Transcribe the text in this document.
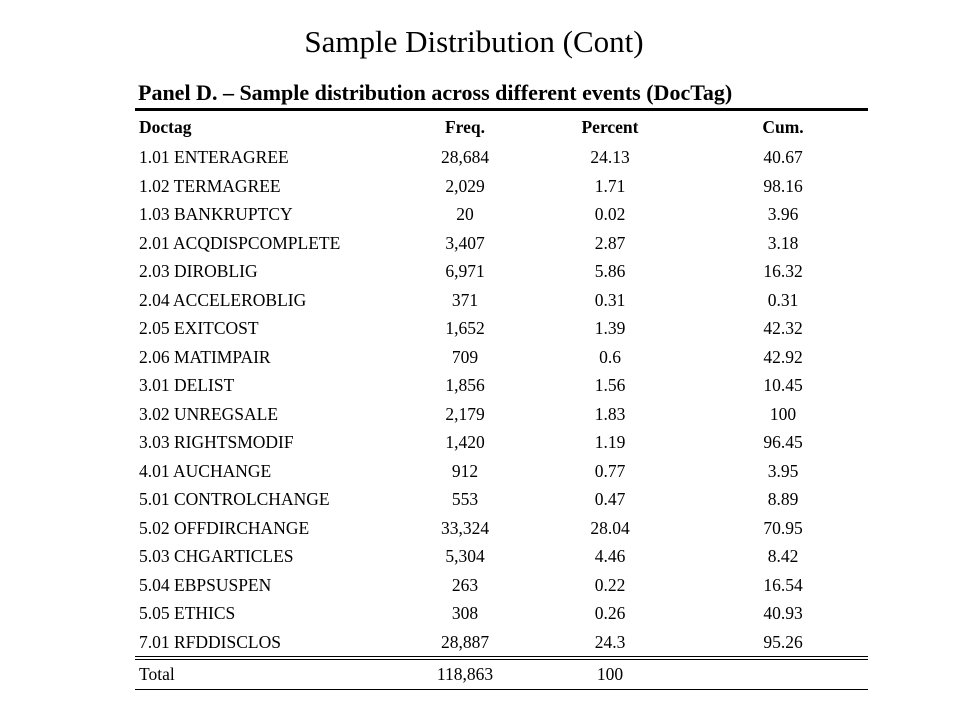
Sample Distribution (Cont)
Panel D. – Sample distribution across different events (DocTag)
Doctag	Freq.	Percent	Cum.
1.01 ENTERAGREE	28,684	24.13	40.67
1.02 TERMAGREE	2,029	1.71	98.16
1.03 BANKRUPTCY	20	0.02	3.96
2.01 ACQDISPCOMPLETE	3,407	2.87	3.18
2.03 DIROBLIG	6,971	5.86	16.32
2.04 ACCELEROBLIG	371	0.31	0.31
2.05 EXITCOST	1,652	1.39	42.32
2.06 MATIMPAIR	709	0.6	42.92
3.01 DELIST	1,856	1.56	10.45
3.02 UNREGSALE	2,179	1.83	100
3.03 RIGHTSMODIF	1,420	1.19	96.45
4.01 AUCHANGE	912	0.77	3.95
5.01 CONTROLCHANGE	553	0.47	8.89
5.02 OFFDIRCHANGE	33,324	28.04	70.95
5.03 CHGARTICLES	5,304	4.46	8.42
5.04 EBPSUSPEN	263	0.22	16.54
5.05 ETHICS	308	0.26	40.93
7.01 RFDDISCLOS	28,887	24.3	95.26
Total	118,863	100
